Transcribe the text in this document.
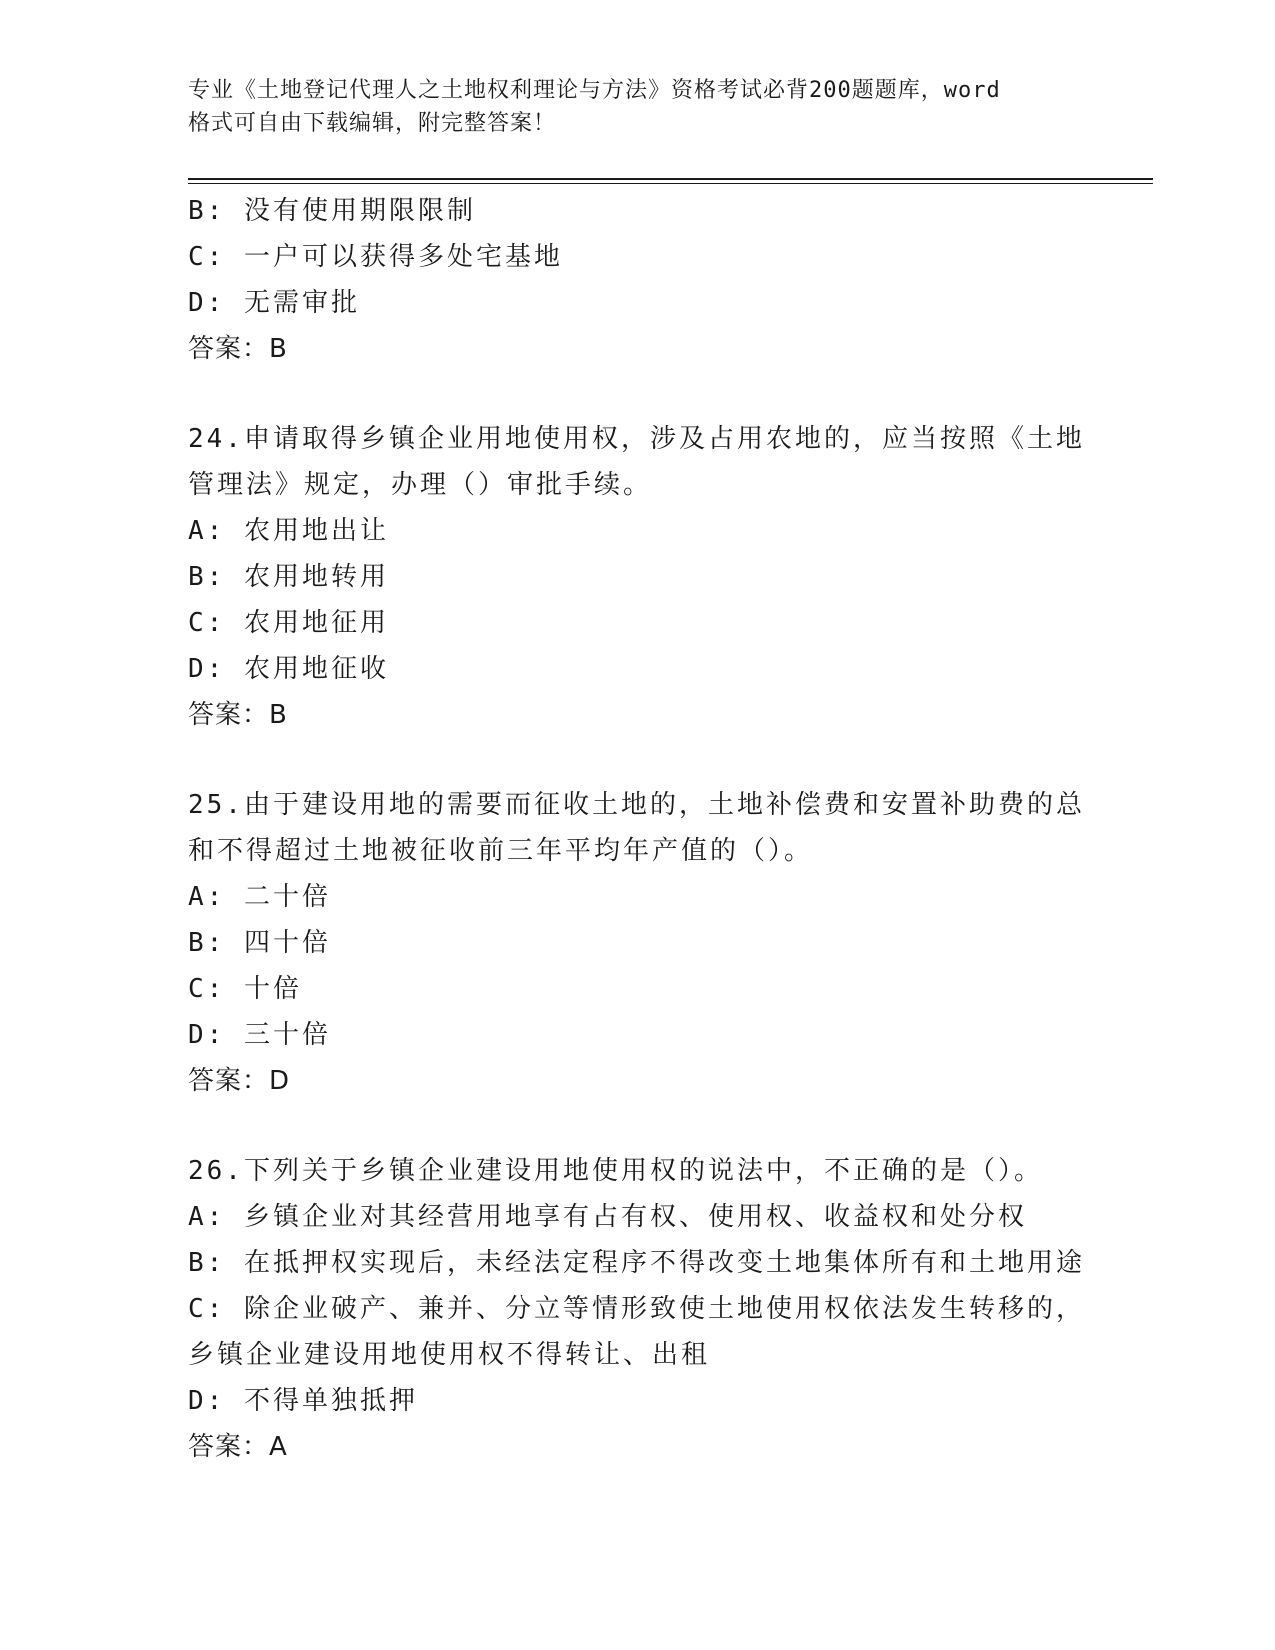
专业《土地登记代理人之土地权利理论与方法》资格考试必背200题题库，word
格式可自由下载编辑，附完整答案！
B: 没有使用期限限制
C: 一户可以获得多处宅基地
D: 无需审批
答案：B
24.申请取得乡镇企业用地使用权，涉及占用农地的，应当按照《土地
管理法》规定，办理（）审批手续。
A: 农用地出让
B: 农用地转用
C: 农用地征用
D: 农用地征收
答案：B
25.由于建设用地的需要而征收土地的，土地补偿费和安置补助费的总
和不得超过土地被征收前三年平均年产值的（）。
A: 二十倍
B: 四十倍
C: 十倍
D: 三十倍
答案：D
26.下列关于乡镇企业建设用地使用权的说法中，不正确的是（）。
A: 乡镇企业对其经营用地享有占有权、使用权、收益权和处分权
B: 在抵押权实现后，未经法定程序不得改变土地集体所有和土地用途
C: 除企业破产、兼并、分立等情形致使土地使用权依法发生转移的，
乡镇企业建设用地使用权不得转让、出租
D: 不得单独抵押
答案：A
